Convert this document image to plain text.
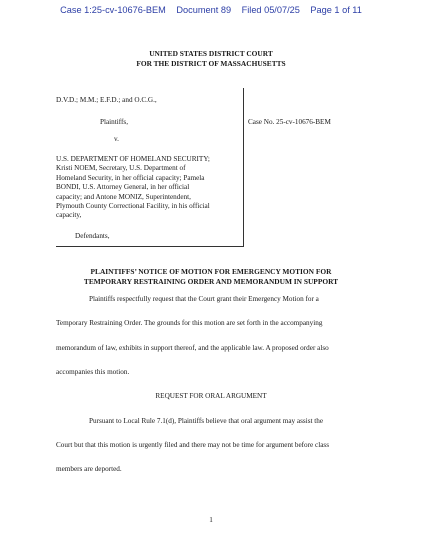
Case 1:25-cv-10676-BEM Document 89 Filed 05/07/25 Page 1 of 11
UNITED STATES DISTRICT COURT
FOR THE DISTRICT OF MASSACHUSETTS
D.V.D.; M.M.; E.F.D.; and O.C.G.,
Plaintiffs,
v.
U.S. DEPARTMENT OF HOMELAND SECURITY;
Kristi NOEM, Secretary, U.S. Department of
Homeland Security, in her official capacity; Pamela
BONDI, U.S. Attorney General, in her official
capacity; and Antone MONIZ, Superintendent,
Plymouth County Correctional Facility, in his official
capacity,
Defendants,
Case No. 25-cv-10676-BEM
PLAINTIFFS’ NOTICE OF MOTION FOR EMERGENCY MOTION FOR
TEMPORARY RESTRAINING ORDER AND MEMORANDUM IN SUPPORT
Plaintiffs respectfully request that the Court grant their Emergency Motion for a
Temporary Restraining Order. The grounds for this motion are set forth in the accompanying
memorandum of law, exhibits in support thereof, and the applicable law. A proposed order also
accompanies this motion.
REQUEST FOR ORAL ARGUMENT
Pursuant to Local Rule 7.1(d), Plaintiffs believe that oral argument may assist the
Court but that this motion is urgently filed and there may not be time for argument before class
members are deported.
1
